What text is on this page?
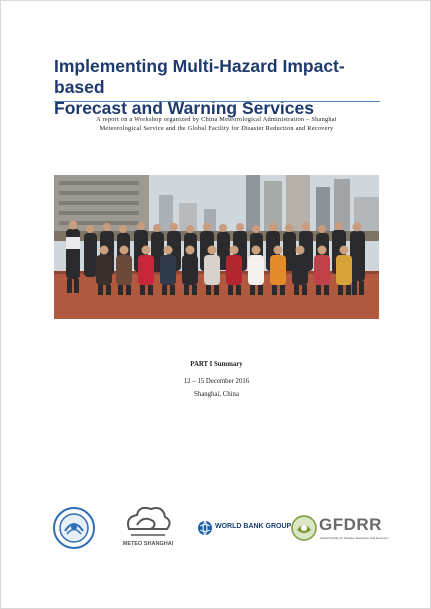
Implementing Multi-Hazard Impact-based
Forecast and Warning Services
A report on a Workshop organized by China Meteorological Administration – Shanghai
Meteorological Service and the Global Facility for Disaster Reduction and Recovery
PART I Summary
12 – 15 December 2016
Shanghai, China
METEO SHANGHAI
WORLD BANK GROUP GFDRR
Global Facility for Disaster Reduction and Recovery
